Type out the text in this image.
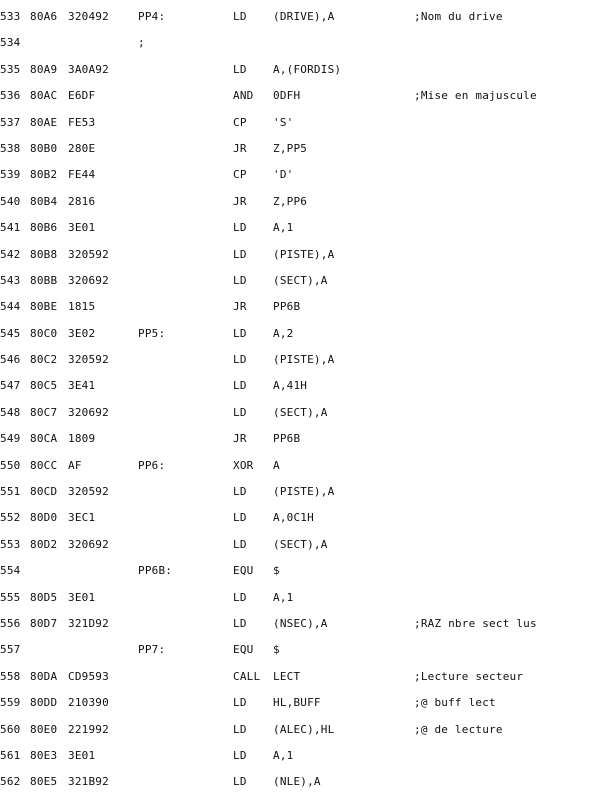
533 80A6 320492	PP4:	LD (DRIVE),A	;Nom du drive
534	;
535 80A9 3A0A92	LD A,(FORDIS)
536 80AC E6DF	AND 0DFH	;Mise en majuscule
537 80AE FE53	CP 'S'
538 80B0 280E	JR Z,PP5
539 80B2 FE44	CP 'D'
540 80B4 2816	JR Z,PP6
541 80B6 3E01	LD A,1
542 80B8 320592	LD (PISTE),A
543 80BB 320692	LD (SECT),A
544 80BE 1815	JR PP6B
545 80C0 3E02	PP5:	LD A,2
546 80C2 320592	LD (PISTE),A
547 80C5 3E41	LD A,41H
548 80C7 320692	LD (SECT),A
549 80CA 1809	JR PP6B
550 80CC AF	PP6:	XOR A
551 80CD 320592	LD (PISTE),A
552 80D0 3EC1	LD A,0C1H
553 80D2 320692	LD (SECT),A
554	PP6B:	EQU $
555 80D5 3E01	LD A,1
556 80D7 321D92	LD (NSEC),A	;RAZ nbre sect lus
557	PP7:	EQU $
558 80DA CD9593	CALL LECT	;Lecture secteur
559 80DD 210390	LD HL,BUFF	;@ buff lect
560 80E0 221992	LD (ALEC),HL	;@ de lecture
561 80E3 3E01	LD A,1
562 80E5 321B92	LD (NLE),A
